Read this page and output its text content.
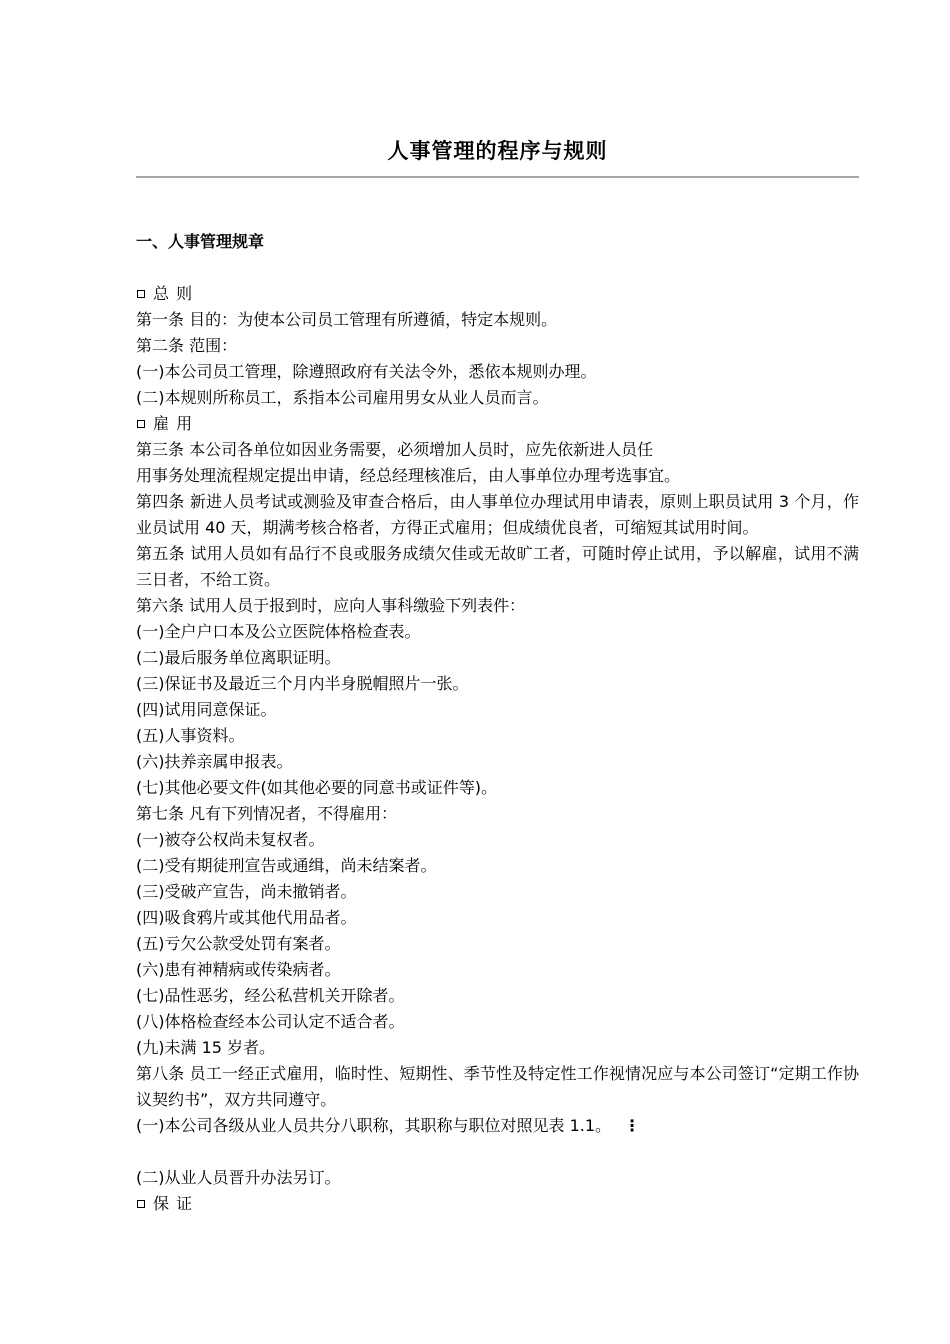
人事管理的程序与规则
一、人事管理规章
总 则

第一条 目的：为使本公司员工管理有所遵循，特定本规则。

第二条 范围：

(一)本公司员工管理，除遵照政府有关法令外，悉依本规则办理。

(二)本规则所称员工，系指本公司雇用男女从业人员而言。

雇 用

第三条 本公司各单位如因业务需要，必须增加人员时，应先依新进人员任

用事务处理流程规定提出申请，经总经理核准后，由人事单位办理考选事宜。

第四条 新进人员考试或测验及审查合格后，由人事单位办理试用申请表，原则上职员试用 3 个月，作业员试用 40 天，期满考核合格者，方得正式雇用；但成绩优良者，可缩短其试用时间。

第五条 试用人员如有品行不良或服务成绩欠佳或无故旷工者，可随时停止试用，予以解雇，试用不满三日者，不给工资。

第六条 试用人员于报到时，应向人事科缴验下列表件：

(一)全户户口本及公立医院体格检查表。

(二)最后服务单位离职证明。

(三)保证书及最近三个月内半身脱帽照片一张。

(四)试用同意保证。

(五)人事资料。

(六)扶养亲属申报表。

(七)其他必要文件(如其他必要的同意书或证件等)。

第七条 凡有下列情况者，不得雇用：

(一)被夺公权尚未复权者。

(二)受有期徒刑宣告或通缉，尚未结案者。

(三)受破产宣告，尚未撤销者。

(四)吸食鸦片或其他代用品者。

(五)亏欠公款受处罚有案者。

(六)患有神精病或传染病者。

(七)品性恶劣，经公私营机关开除者。

(八)体格检查经本公司认定不适合者。

(九)未满 15 岁者。

第八条 员工一经正式雇用，临时性、短期性、季节性及特定性工作视情况应与本公司签订“定期工作协议契约书”，双方共同遵守。

(一)本公司各级从业人员共分八职称，其职称与职位对照见表 1.1。 ⋮

(二)从业人员晋升办法另订。

保 证
